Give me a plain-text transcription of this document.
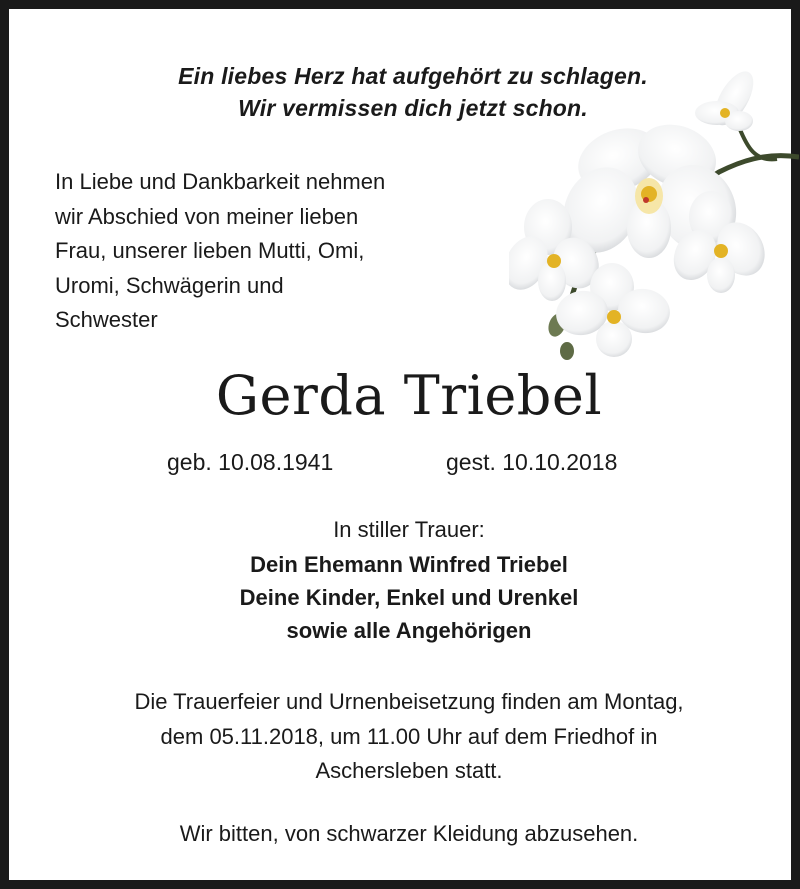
Ein liebes Herz hat aufgehört zu schlagen.
Wir vermissen dich jetzt schon.
In Liebe und Dankbarkeit nehmen
wir Abschied von meiner lieben
Frau, unserer lieben Mutti, Omi,
Uromi, Schwägerin und
Schwester
Gerda Triebel
geb. 10.08.1941	gest. 10.10.2018
In stiller Trauer:
Dein Ehemann Winfred Triebel
Deine Kinder, Enkel und Urenkel
sowie alle Angehörigen
Die Trauerfeier und Urnenbeisetzung finden am Montag,
dem 05.11.2018, um 11.00 Uhr auf dem Friedhof in
Aschersleben statt.
Wir bitten, von schwarzer Kleidung abzusehen.
